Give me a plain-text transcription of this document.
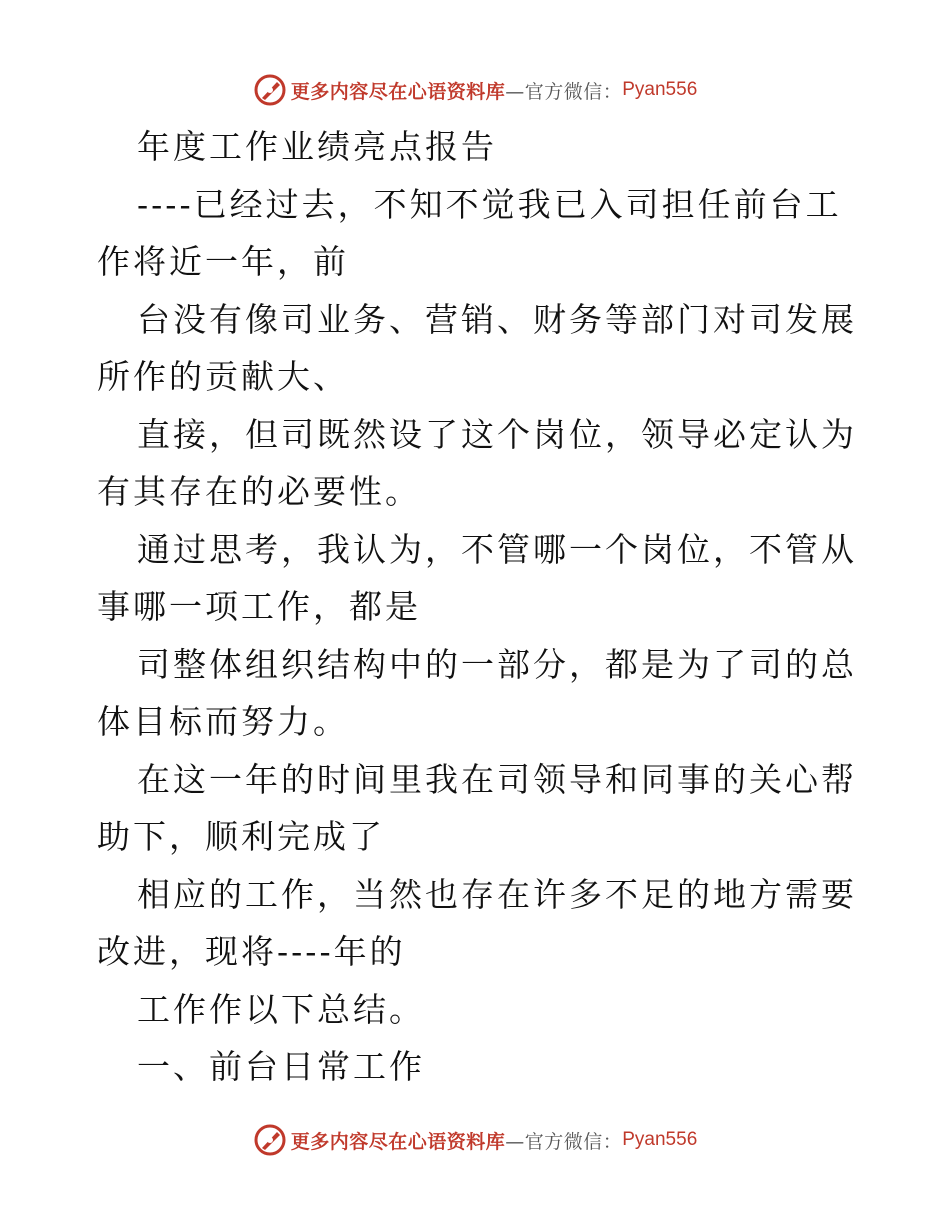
更多内容尽在心语资料库 —官方微信： Pyan556

年度工作业绩亮点报告

----已经过去，不知不觉我已入司担任前台工作将近一年，前

台没有像司业务、营销、财务等部门对司发展所作的贡献大、

直接，但司既然设了这个岗位，领导必定认为有其存在的必要性。

通过思考，我认为，不管哪一个岗位，不管从事哪一项工作，都是

司整体组织结构中的一部分，都是为了司的总体目标而努力。

在这一年的时间里我在司领导和同事的关心帮助下，顺利完成了

相应的工作，当然也存在许多不足的地方需要改进，现将----年的

工作作以下总结。

一、前台日常工作

更多内容尽在心语资料库 —官方微信： Pyan556
